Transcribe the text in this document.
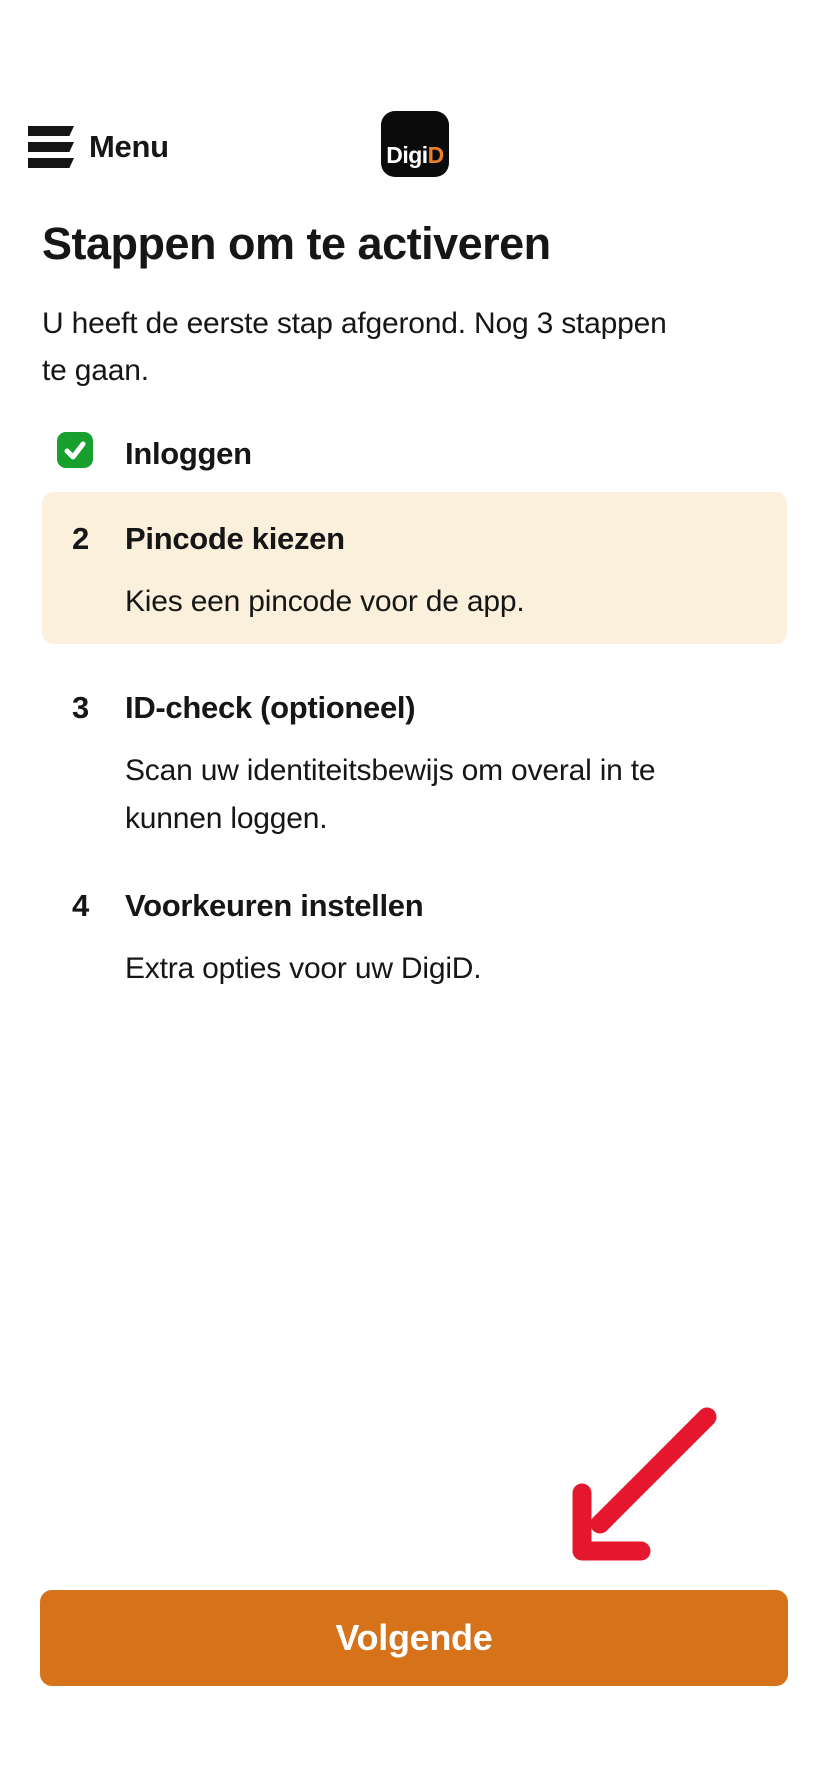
Menu	DigiD
Stappen om te activeren

U heeft de eerste stap afgerond. Nog 3 stappen te gaan.

Inloggen
2 Pincode kiezen
Kies een pincode voor de app.
3 ID-check (optioneel)
Scan uw identiteitsbewijs om overal in te kunnen loggen.
4 Voorkeuren instellen
Extra opties voor uw DigiD.
Volgende
